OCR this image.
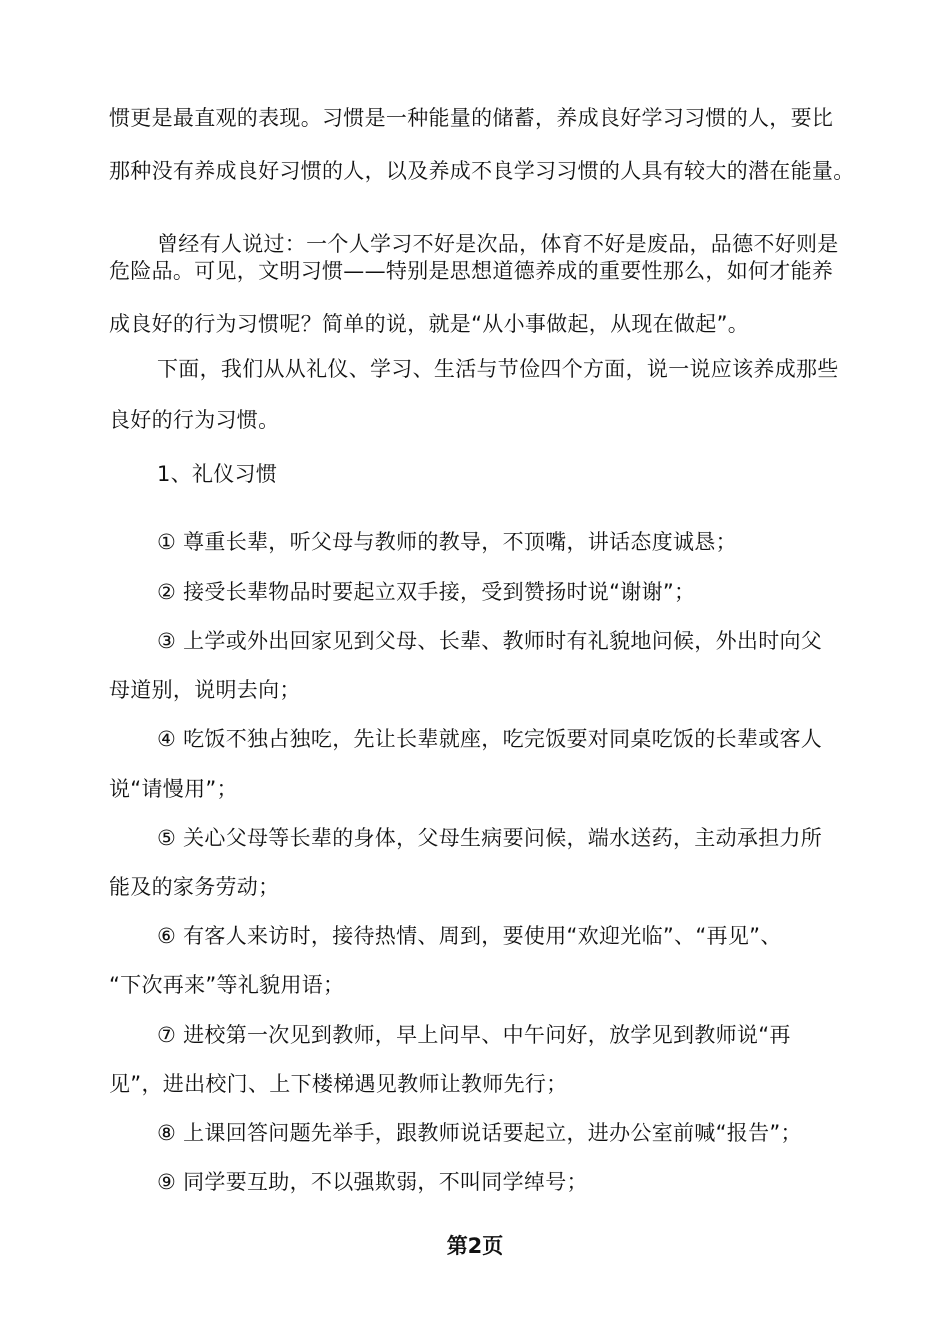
惯更是最直观的表现。习惯是一种能量的储蓄，养成良好学习习惯的人，要比
那种没有养成良好习惯的人，以及养成不良学习习惯的人具有较大的潜在能量。
曾经有人说过：一个人学习不好是次品，体育不好是废品，品德不好则是
危险品。可见，文明习惯——特别是思想道德养成的重要性那么，如何才能养
成良好的行为习惯呢？简单的说，就是“从小事做起，从现在做起”。
下面，我们从从礼仪、学习、生活与节俭四个方面，说一说应该养成那些
良好的行为习惯。
1、礼仪习惯
① 尊重长辈，听父母与教师的教导，不顶嘴，讲话态度诚恳；
② 接受长辈物品时要起立双手接，受到赞扬时说“谢谢”；
③ 上学或外出回家见到父母、长辈、教师时有礼貌地问候，外出时向父
母道别，说明去向；
④ 吃饭不独占独吃，先让长辈就座，吃完饭要对同桌吃饭的长辈或客人
说“请慢用”；
⑤ 关心父母等长辈的身体，父母生病要问候，端水送药，主动承担力所
能及的家务劳动；
⑥ 有客人来访时，接待热情、周到，要使用“欢迎光临”、“再见”、
“下次再来”等礼貌用语；
⑦ 进校第一次见到教师，早上问早、中午问好，放学见到教师说“再
见”，进出校门、上下楼梯遇见教师让教师先行；
⑧ 上课回答问题先举手，跟教师说话要起立，进办公室前喊“报告”；
⑨ 同学要互助，不以强欺弱，不叫同学绰号；
第2页
